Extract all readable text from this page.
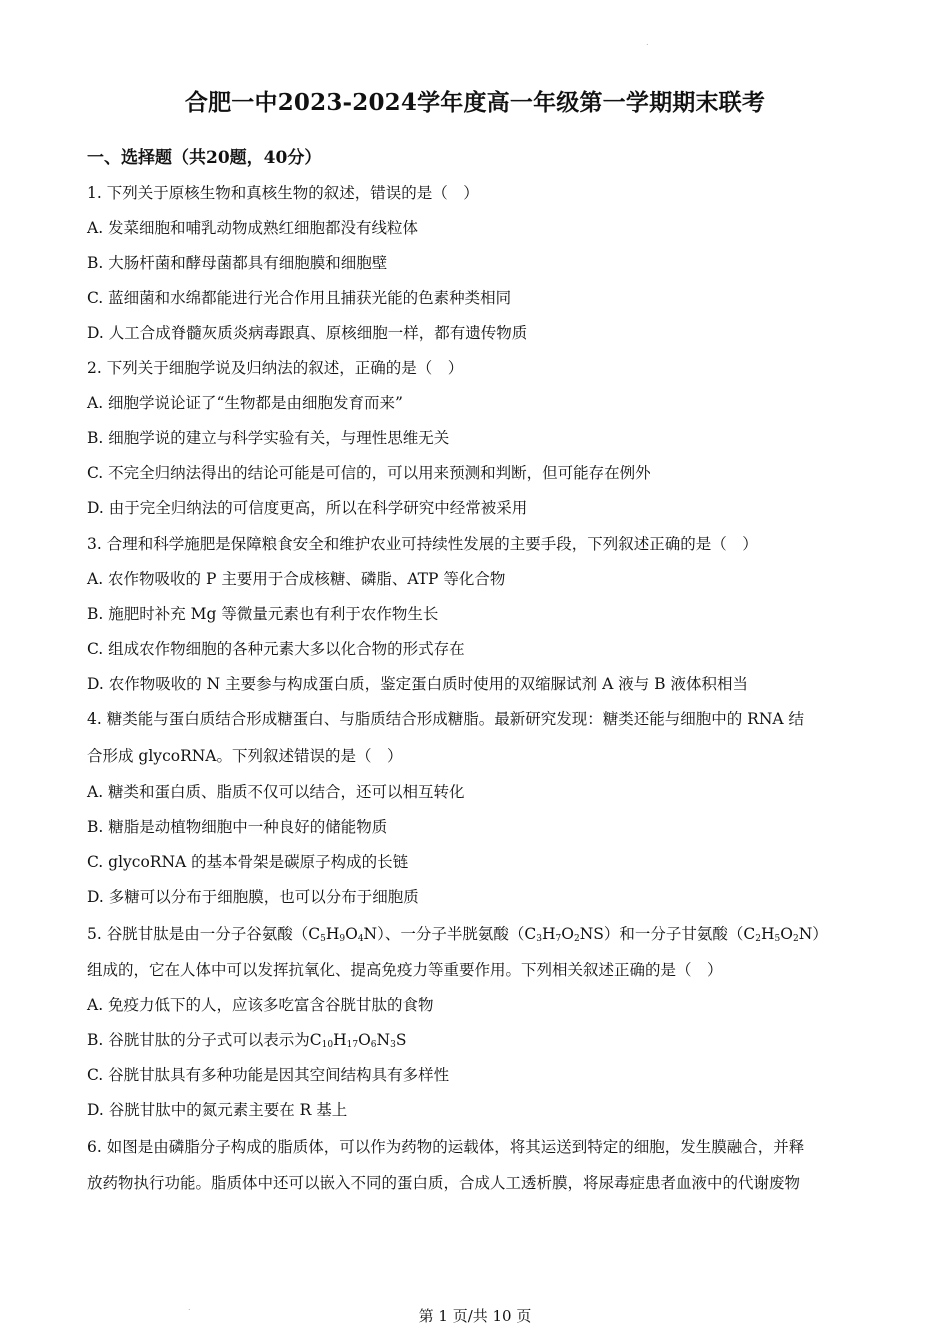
.
合肥一中2023-2024学年度高一年级第一学期期末联考
一、选择题（共20题，40分）
1. 下列关于原核生物和真核生物的叙述，错误的是（　）
A. 发菜细胞和哺乳动物成熟红细胞都没有线粒体
B. 大肠杆菌和酵母菌都具有细胞膜和细胞壁
C. 蓝细菌和水绵都能进行光合作用且捕获光能的色素种类相同
D. 人工合成脊髓灰质炎病毒跟真、原核细胞一样，都有遗传物质
2. 下列关于细胞学说及归纳法的叙述，正确的是（　）
A. 细胞学说论证了“生物都是由细胞发育而来”
B. 细胞学说的建立与科学实验有关，与理性思维无关
C. 不完全归纳法得出的结论可能是可信的，可以用来预测和判断，但可能存在例外
D. 由于完全归纳法的可信度更高，所以在科学研究中经常被采用
3. 合理和科学施肥是保障粮食安全和维护农业可持续性发展的主要手段，下列叙述正确的是（　）
A. 农作物吸收的 P 主要用于合成核糖、磷脂、ATP 等化合物
B. 施肥时补充 Mg 等微量元素也有利于农作物生长
C. 组成农作物细胞的各种元素大多以化合物的形式存在
D. 农作物吸收的 N 主要参与构成蛋白质，鉴定蛋白质时使用的双缩脲试剂 A 液与 B 液体积相当
4. 糖类能与蛋白质结合形成糖蛋白、与脂质结合形成糖脂。最新研究发现：糖类还能与细胞中的 RNA 结
合形成 glycoRNA。下列叙述错误的是（　）
A. 糖类和蛋白质、脂质不仅可以结合，还可以相互转化
B. 糖脂是动植物细胞中一种良好的储能物质
C. glycoRNA 的基本骨架是碳原子构成的长链
D. 多糖可以分布于细胞膜，也可以分布于细胞质
5. 谷胱甘肽是由一分子谷氨酸$(C_5H_9O_4N)$、一分子半胱氨酸$(C_3H_7O_2NS)$和一分子甘氨酸$(C_2H_5O_2N)$
组成的，它在人体中可以发挥抗氧化、提高免疫力等重要作用。下列相关叙述正确的是（　）
A. 免疫力低下的人，应该多吃富含谷胱甘肽的食物
B. 谷胱甘肽的分子式可以表示为$C_{10}H_{17}O_6N_3S$
C. 谷胱甘肽具有多种功能是因其空间结构具有多样性
D. 谷胱甘肽中的氮元素主要在 R 基上
6. 如图是由磷脂分子构成的脂质体，可以作为药物的运载体，将其运送到特定的细胞，发生膜融合，并释
放药物执行功能。脂质体中还可以嵌入不同的蛋白质，合成人工透析膜，将尿毒症患者血液中的代谢废物
.	第 1 页/共 10 页
